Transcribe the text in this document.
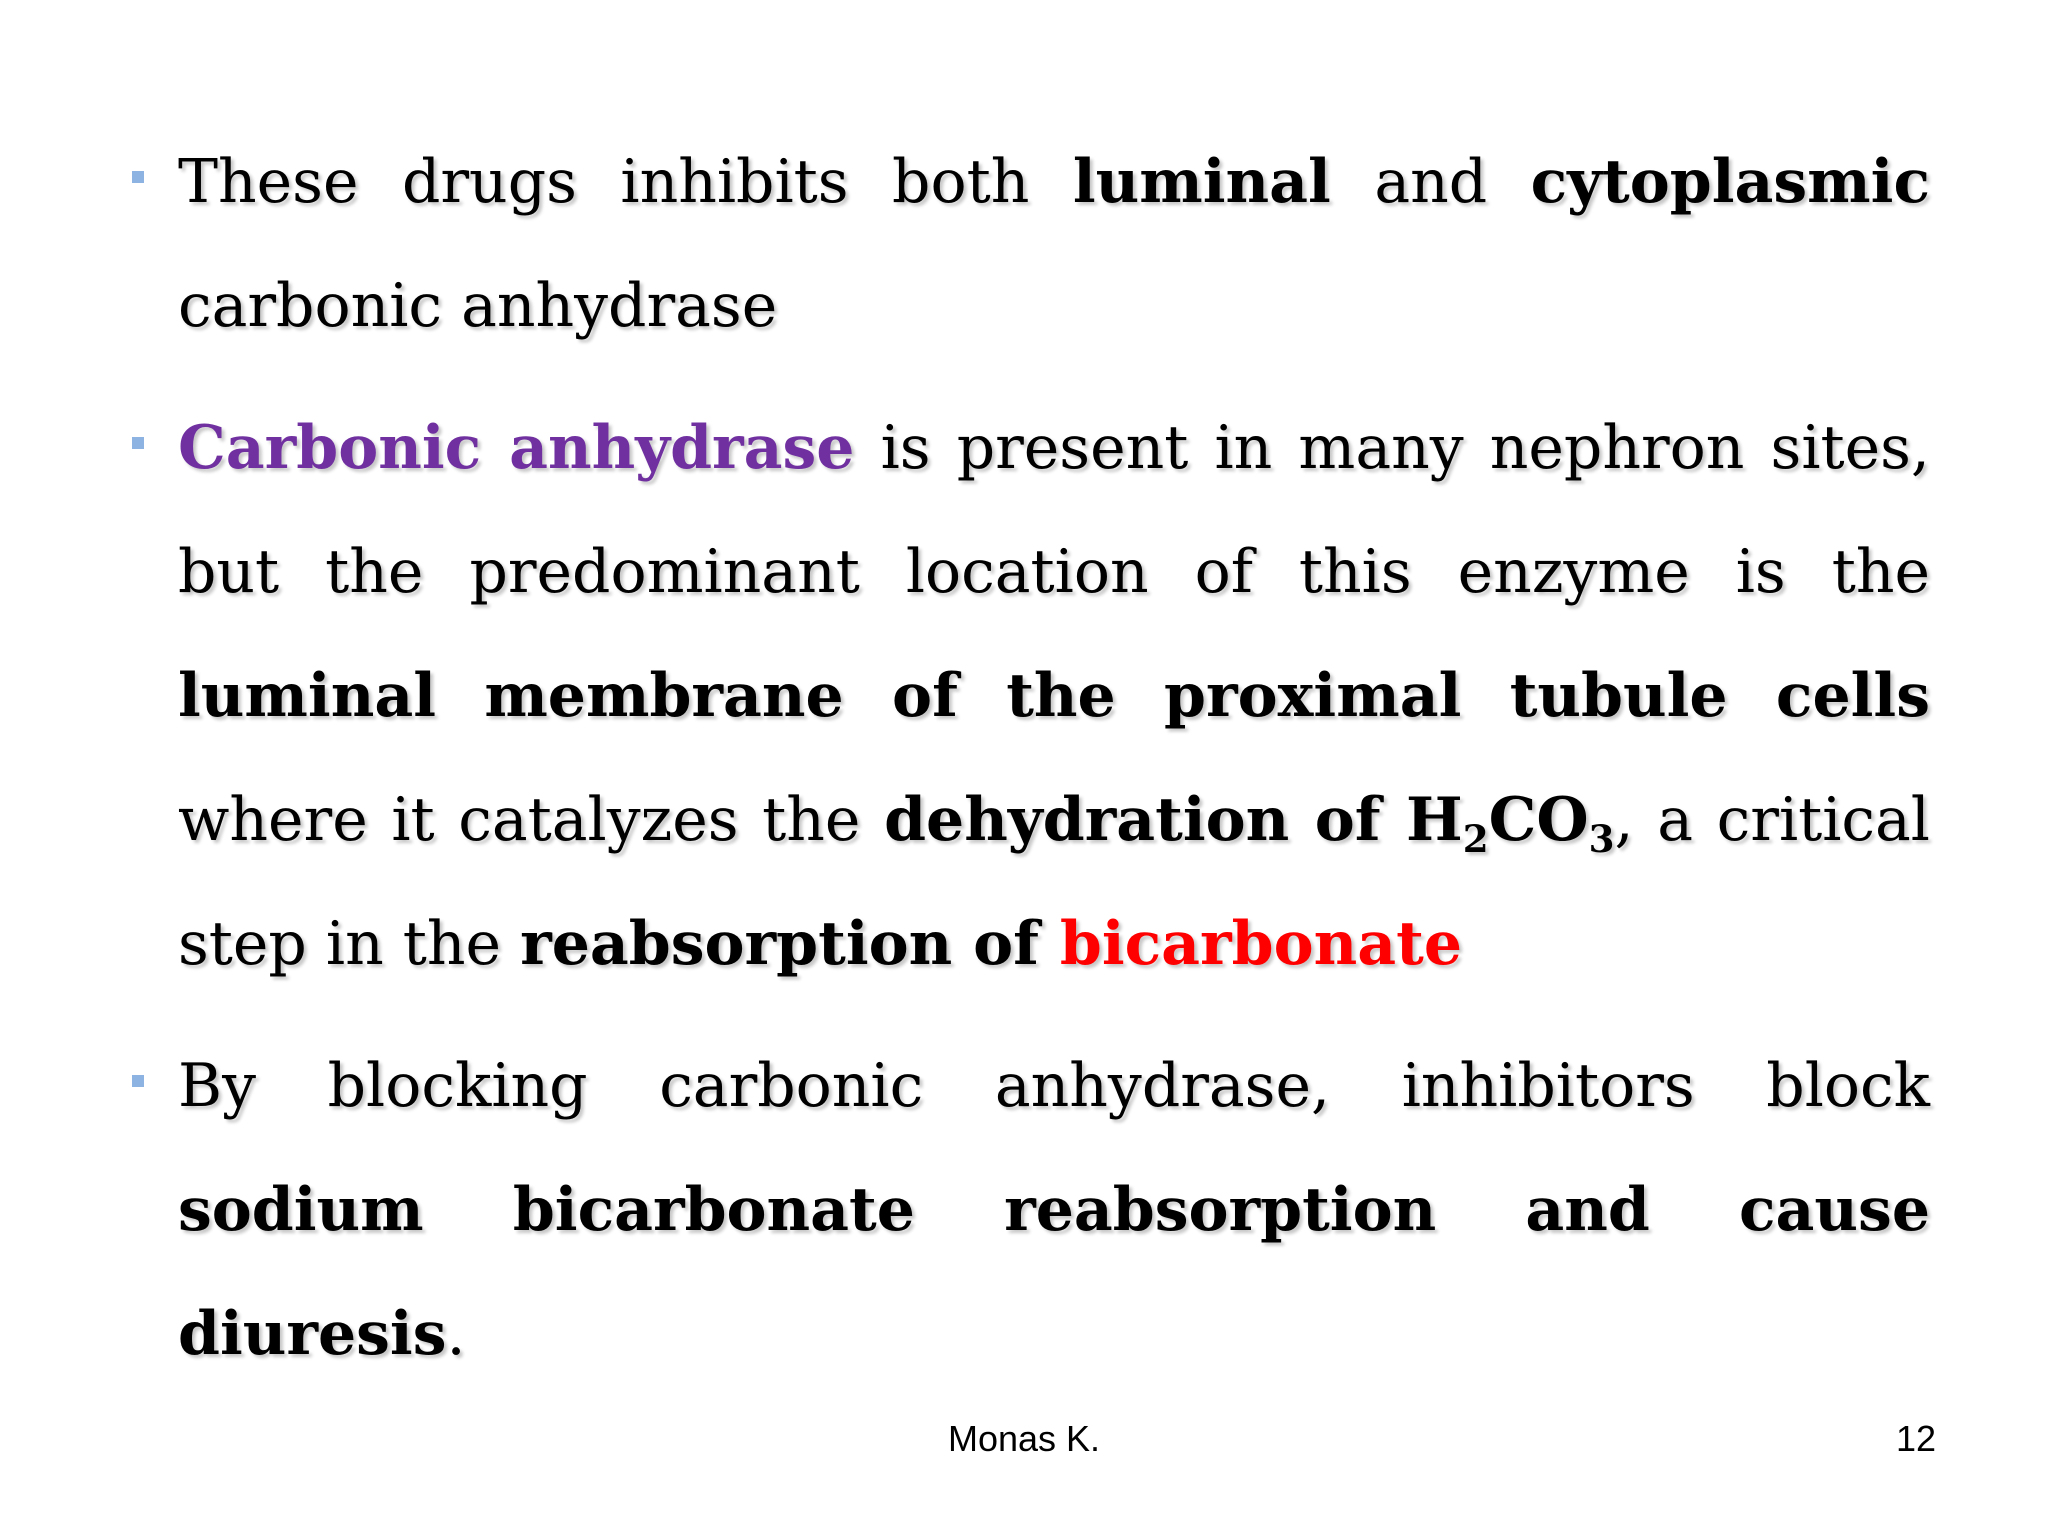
These drugs inhibits both luminal and cytoplasmic carbonic anhydrase
Carbonic anhydrase is present in many nephron sites, but the predominant location of this enzyme is the luminal membrane of the proximal tubule cells where it catalyzes the dehydration of $H_2CO_3$, a critical step in the reabsorption of bicarbonate
By blocking carbonic anhydrase, inhibitors block sodium bicarbonate reabsorption and cause diuresis.
Monas K.	12
